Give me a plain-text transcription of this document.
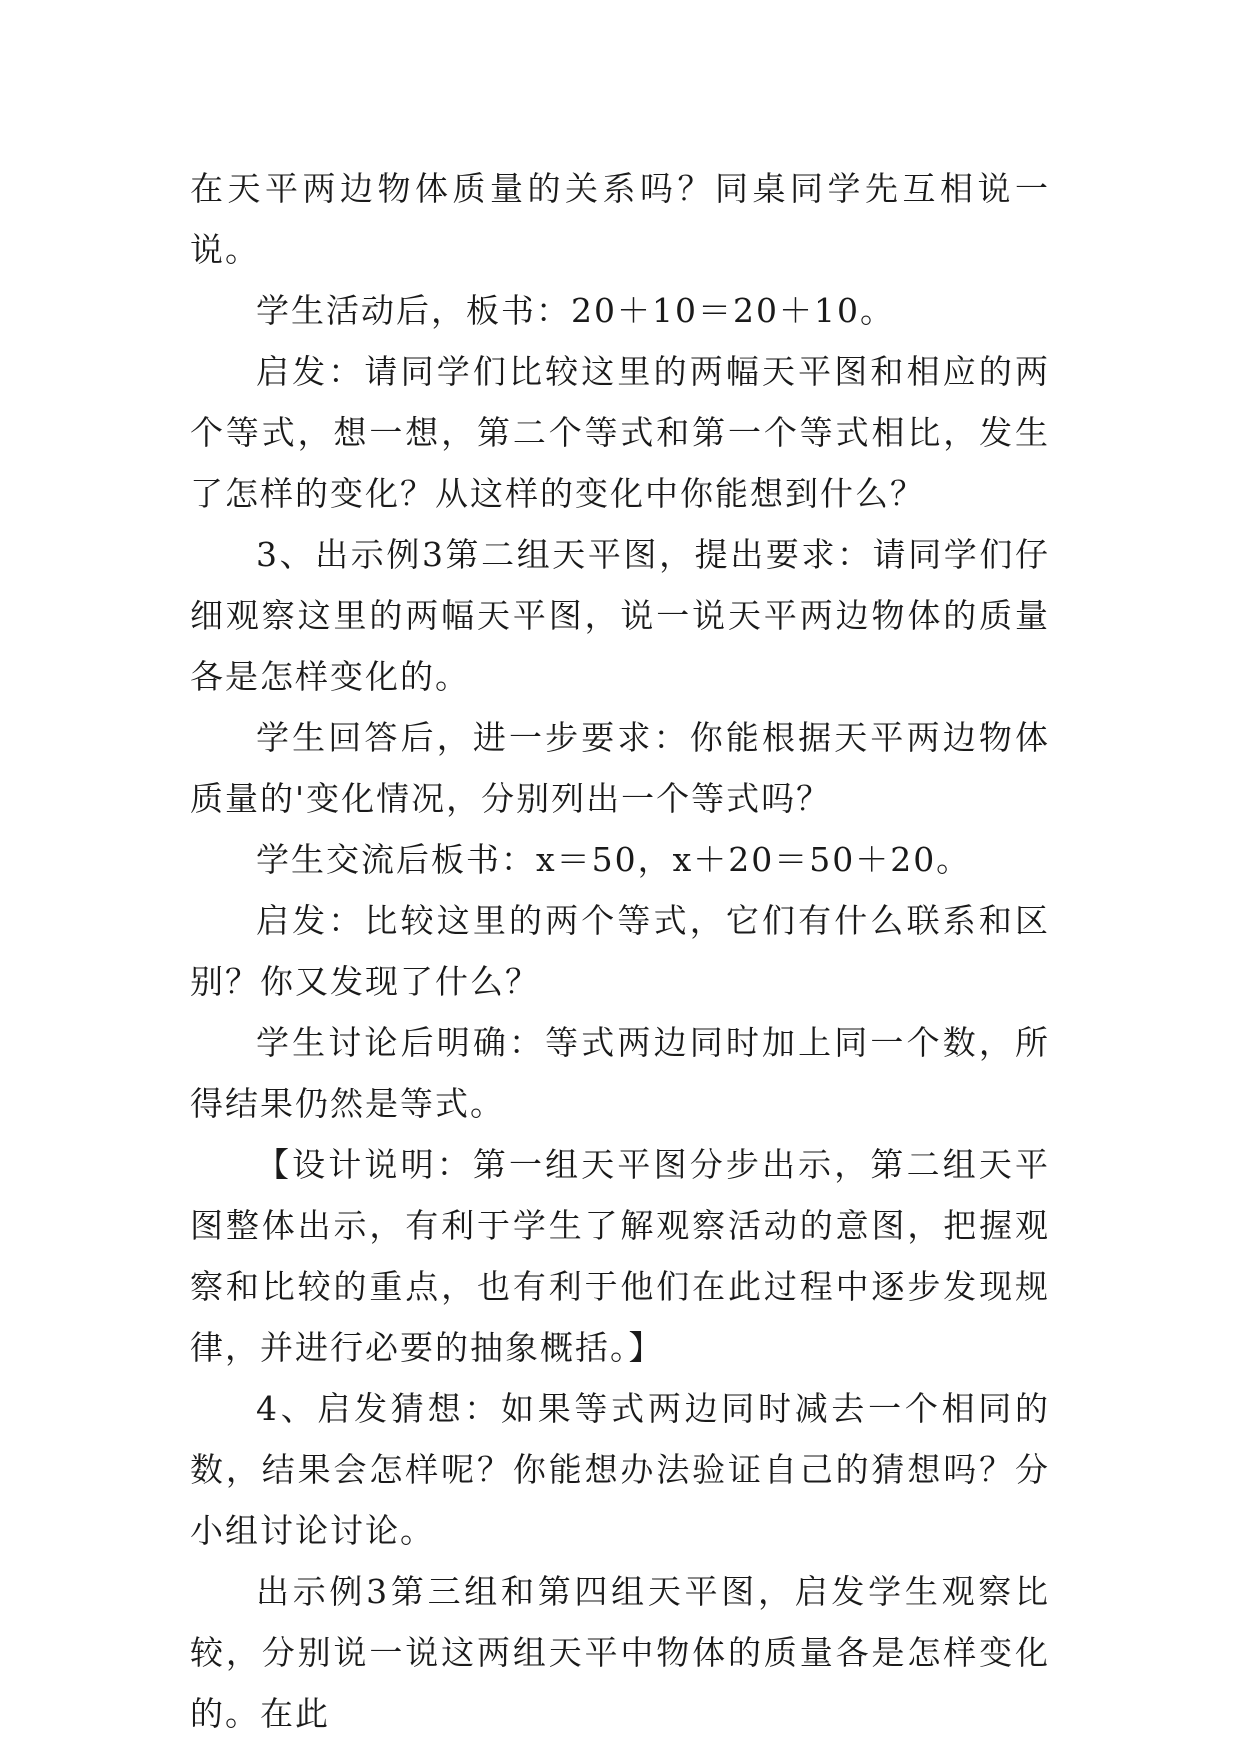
在天平两边物体质量的关系吗？同桌同学先互相说一说。

学生活动后，板书：20＋10＝20＋10。

启发：请同学们比较这里的两幅天平图和相应的两个等式，想一想，第二个等式和第一个等式相比，发生了怎样的变化？从这样的变化中你能想到什么？

3、出示例3第二组天平图，提出要求：请同学们仔细观察这里的两幅天平图，说一说天平两边物体的质量各是怎样变化的。

学生回答后，进一步要求：你能根据天平两边物体质量的'变化情况，分别列出一个等式吗？

学生交流后板书：x＝50，x＋20＝50＋20。

启发：比较这里的两个等式，它们有什么联系和区别？你又发现了什么？

学生讨论后明确：等式两边同时加上同一个数，所得结果仍然是等式。

【设计说明：第一组天平图分步出示，第二组天平图整体出示，有利于学生了解观察活动的意图，把握观察和比较的重点，也有利于他们在此过程中逐步发现规律，并进行必要的抽象概括。】

4、启发猜想：如果等式两边同时减去一个相同的数，结果会怎样呢？你能想办法验证自己的猜想吗？分小组讨论讨论。

出示例3第三组和第四组天平图，启发学生观察比较，分别说一说这两组天平中物体的质量各是怎样变化的。在此
